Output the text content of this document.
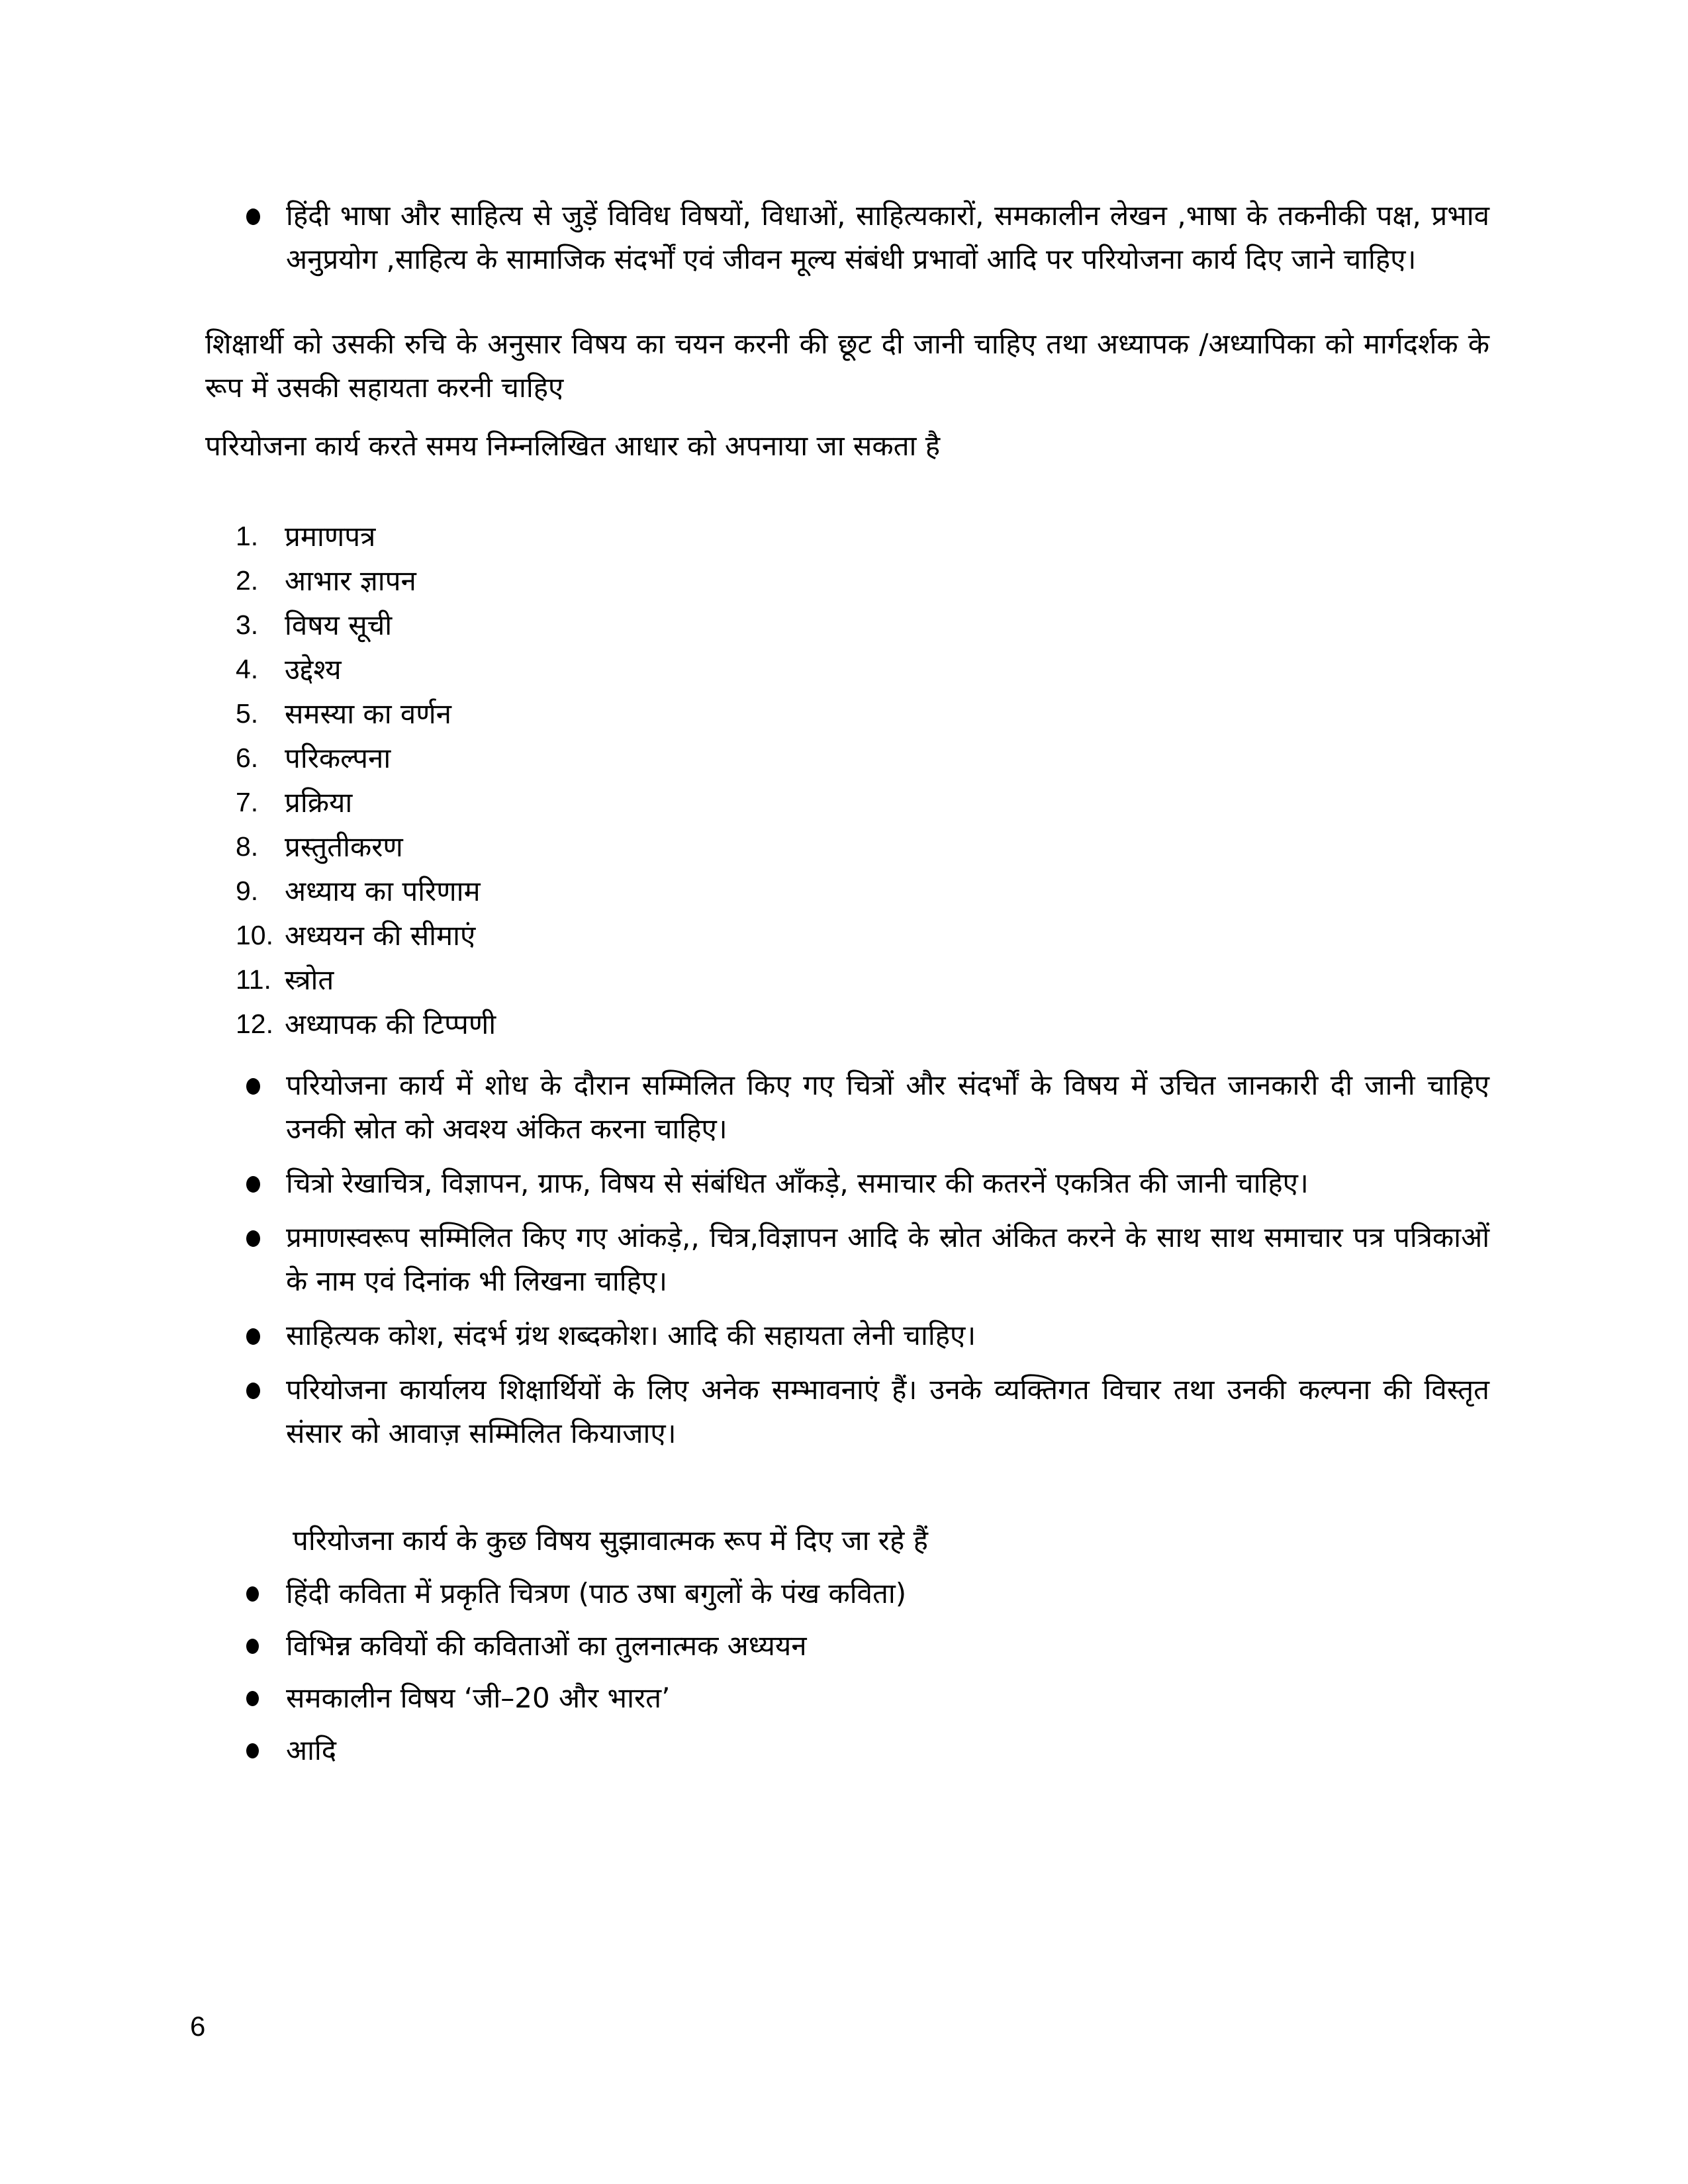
हिंदी भाषा और साहित्य से जुड़ें विविध विषयों, विधाओं, साहित्यकारों, समकालीन लेखन ,भाषा के तकनीकी पक्ष, प्रभाव अनुप्रयोग ,साहित्य के सामाजिक संदर्भों एवं जीवन मूल्य संबंधी प्रभावों आदि पर परियोजना कार्य दिए जाने चाहिए।

शिक्षार्थी को उसकी रुचि के अनुसार विषय का चयन करनी की छूट दी जानी चाहिए तथा अध्यापक /अध्यापिका को मार्गदर्शक के रूप में उसकी सहायता करनी चाहिए

परियोजना कार्य करते समय निम्नलिखित आधार को अपनाया जा सकता है

1. प्रमाणपत्र
2. आभार ज्ञापन
3. विषय सूची
4. उद्देश्य
5. समस्या का वर्णन
6. परिकल्पना
7. प्रक्रिया
8. प्रस्तुतीकरण
9. अध्याय का परिणाम
10. अध्ययन की सीमाएं
11. स्त्रोत
12. अध्यापक की टिप्पणी
परियोजना कार्य में शोध के दौरान सम्मिलित किए गए चित्रों और संदर्भों के विषय में उचित जानकारी दी जानी चाहिए उनकी स्रोत को अवश्य अंकित करना चाहिए।
चित्रो रेखाचित्र, विज्ञापन, ग्राफ, विषय से संबंधित आँकड़े, समाचार की कतरनें एकत्रित की जानी चाहिए।
प्रमाणस्वरूप सम्मिलित किए गए आंकड़े,, चित्र,विज्ञापन आदि के स्रोत अंकित करने के साथ साथ समाचार पत्र पत्रिकाओं के नाम एवं दिनांक भी लिखना चाहिए।
साहित्यक कोश, संदर्भ ग्रंथ शब्दकोश। आदि की सहायता लेनी चाहिए।
परियोजना कार्यालय शिक्षार्थियों के लिए अनेक सम्भावनाएं हैं। उनके व्यक्तिगत विचार तथा उनकी कल्पना की विस्तृत संसार को आवाज़ सम्मिलित कियाजाए।

परियोजना कार्य के कुछ विषय सुझावात्मक रूप में दिए जा रहे हैं

हिंदी कविता में प्रकृति चित्रण (पाठ उषा बगुलों के पंख कविता)
विभिन्न कवियों की कविताओं का तुलनात्मक अध्ययन
समकालीन विषय ‘जी–20 और भारत’
आदि
6
